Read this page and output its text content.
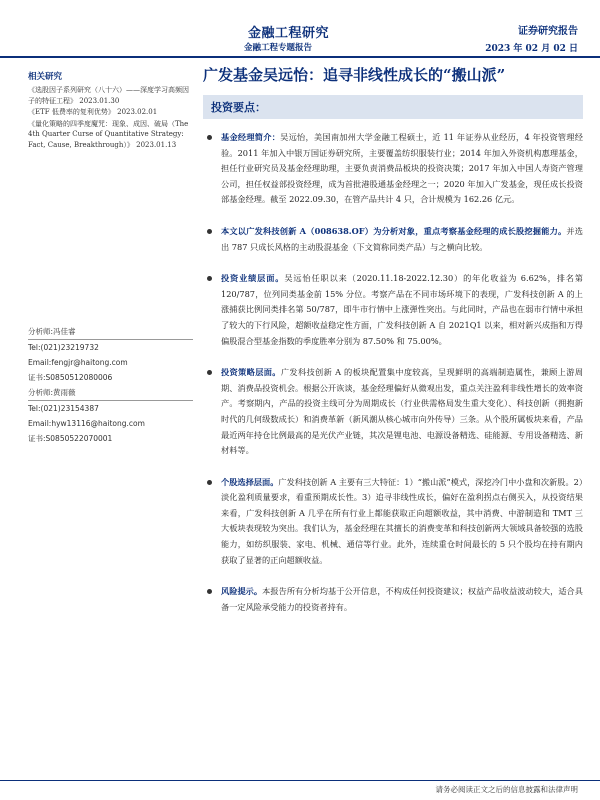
金融工程研究
金融工程专题报告
证券研究报告
2023 年 02 月 02 日
相关研究
《选股因子系列研究（八十六）——深度学习高频因子的特征工程》 2023.01.30
《ETF 低费率的复利优势》 2023.02.01
《量化策略的四季度魔咒：现象、成因、破局（The 4th Quarter Curse of Quantitative Strategy: Fact, Cause, Breakthrough）》 2023.01.13
分析师:冯佳睿
Tel:(021)23219732
Email:fengjr@haitong.com
证书:S0850512080006
分析师:黄雨薇
Tel:(021)23154387
Email:hyw13116@haitong.com
证书:S0850522070001
广发基金吴远怡：追寻非线性成长的“搬山派”
投资要点：
基金经理简介：吴远怡，美国南加州大学金融工程硕士，近 11 年证券从业经历，4 年投资管理经验。2011 年加入中银万国证券研究所，主要覆盖纺织服装行业；2014 年加入外资机构惠理基金，担任行业研究员及基金经理助理，主要负责消费品板块的投资决策；2017 年加入中国人寿资产管理公司，担任权益部投资经理，成为首批港股通基金经理之一；2020 年加入广发基金，现任成长投资部基金经理。截至 2022.09.30，在管产品共计 4 只，合计规模为 162.26 亿元。
本文以广发科技创新 A（008638.OF）为分析对象，重点考察基金经理的成长股挖掘能力。并选出 787 只成长风格的主动股混基金（下文简称同类产品）与之横向比较。
投资业绩层面。吴远怡任职以来（2020.11.18-2022.12.30）的年化收益为 6.62%，排名第 120/787，位列同类基金前 15% 分位。考察产品在不同市场环境下的表现，广发科技创新 A 的上涨捕获比例同类排名第 50/787，即牛市行情中上涨弹性突出。与此同时，产品也在弱市行情中承担了较大的下行风险，超额收益稳定性方面，广发科技创新 A 自 2021Q1 以来，相对新兴成指和万得偏股混合型基金指数的季度胜率分别为 87.50% 和 75.00%。
投资策略层面。广发科技创新 A 的板块配置集中度较高，呈现鲜明的高端制造属性，兼顾上游周期、消费品投资机会。根据公开诙谈，基金经理偏好从微观出发，重点关注盈利非线性增长的效率资产。考察期内，产品的投资主线可分为周期成长（行业供需格局发生重大变化）、科技创新（拥抱新时代的几何级数成长）和消费革新（新风潮从核心城市向外传导）三条。从个股所属板块来看，产品最近两年持仓比例最高的是光伏产业链，其次是锂电池、电源设备精选、硅能源、专用设备精选、新材料等。
个股选择层面。广发科技创新 A 主要有三大特征：1）“搬山派”模式，深挖冷门中小盘和次新股。2）淡化盈利质量要求，看重预期成长性。3）追寻非线性成长，偏好在盈利拐点右侧买入，从投资结果来看，广发科技创新 A 几乎在所有行业上都能获取正向超额收益，其中消费、中游制造和 TMT 三大板块表现较为突出。我们认为，基金经理在其擅长的消费变革和科技创新两大领域具备较强的选股能力，如纺织服装、家电、机械、通信等行业。此外，连续重仓时间最长的 5 只个股均在持有期内获取了显著的正向超额收益。
风险提示。本报告所有分析均基于公开信息，不构成任何投资建议；权益产品收益波动较大，适合具备一定风险承受能力的投资者持有。
请务必阅读正文之后的信息披露和法律声明
